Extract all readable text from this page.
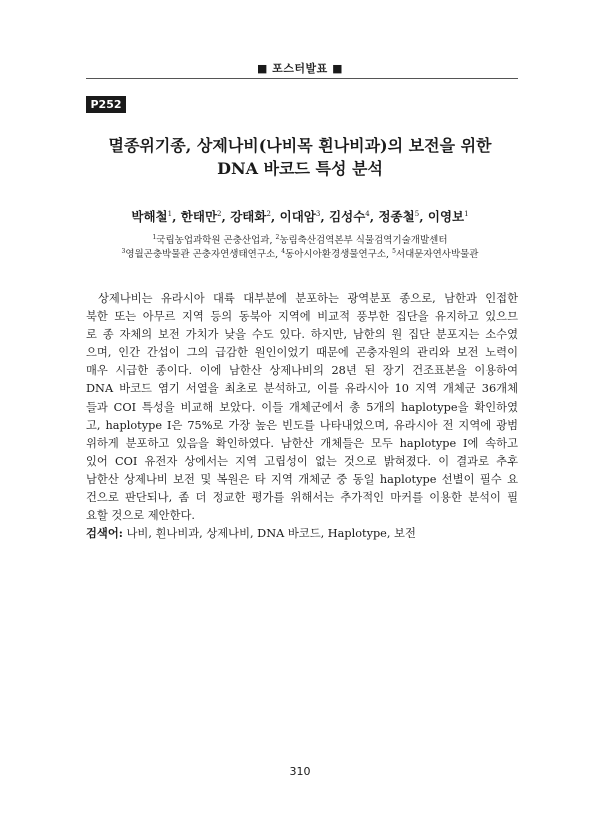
■ 포스터발표 ■
P252
멸종위기종, 상제나비(나비목 흰나비과)의 보전을 위한
DNA 바코드 특성 분석
박해철$^1$, 한태만$^2$, 강태화$^2$, 이대암$^3$, 김성수$^4$, 정종철$^5$, 이영보$^1$
$^1$국립농업과학원 곤충산업과, $^2$농림축산검역본부 식물검역기술개발센터
$^3$영월곤충박물관 곤충자연생태연구소, $^4$동아시아환경생물연구소, $^5$서대문자연사박물관
상제나비는 유라시아 대륙 대부분에 분포하는 광역분포 종으로, 남한과 인접한
북한 또는 아무르 지역 등의 동북아 지역에 비교적 풍부한 집단을 유지하고 있으므
로 종 자체의 보전 가치가 낮을 수도 있다. 하지만, 남한의 원 집단 분포지는 소수였
으며, 인간 간섭이 그의 급감한 원인이었기 때문에 곤충자원의 관리와 보전 노력이
매우 시급한 종이다. 이에 남한산 상제나비의 28년 된 장기 건조표본을 이용하여
DNA 바코드 염기 서열을 최초로 분석하고, 이를 유라시아 10 지역 개체군 36개체
들과 COI 특성을 비교해 보았다. 이들 개체군에서 총 5개의 haplotype을 확인하였
고, haplotype I은 75%로 가장 높은 빈도를 나타내었으며, 유라시아 전 지역에 광범
위하게 분포하고 있음을 확인하였다. 남한산 개체들은 모두 haplotype I에 속하고
있어 COI 유전자 상에서는 지역 고립성이 없는 것으로 밝혀졌다. 이 결과로 추후
남한산 상제나비 보전 및 복원은 타 지역 개체군 중 동일 haplotype 선별이 필수 요
건으로 판단되나, 좀 더 정교한 평가를 위해서는 추가적인 마커를 이용한 분석이 필
요할 것으로 제안한다.
검색어: 나비, 흰나비과, 상제나비, DNA 바코드, Haplotype, 보전
310
